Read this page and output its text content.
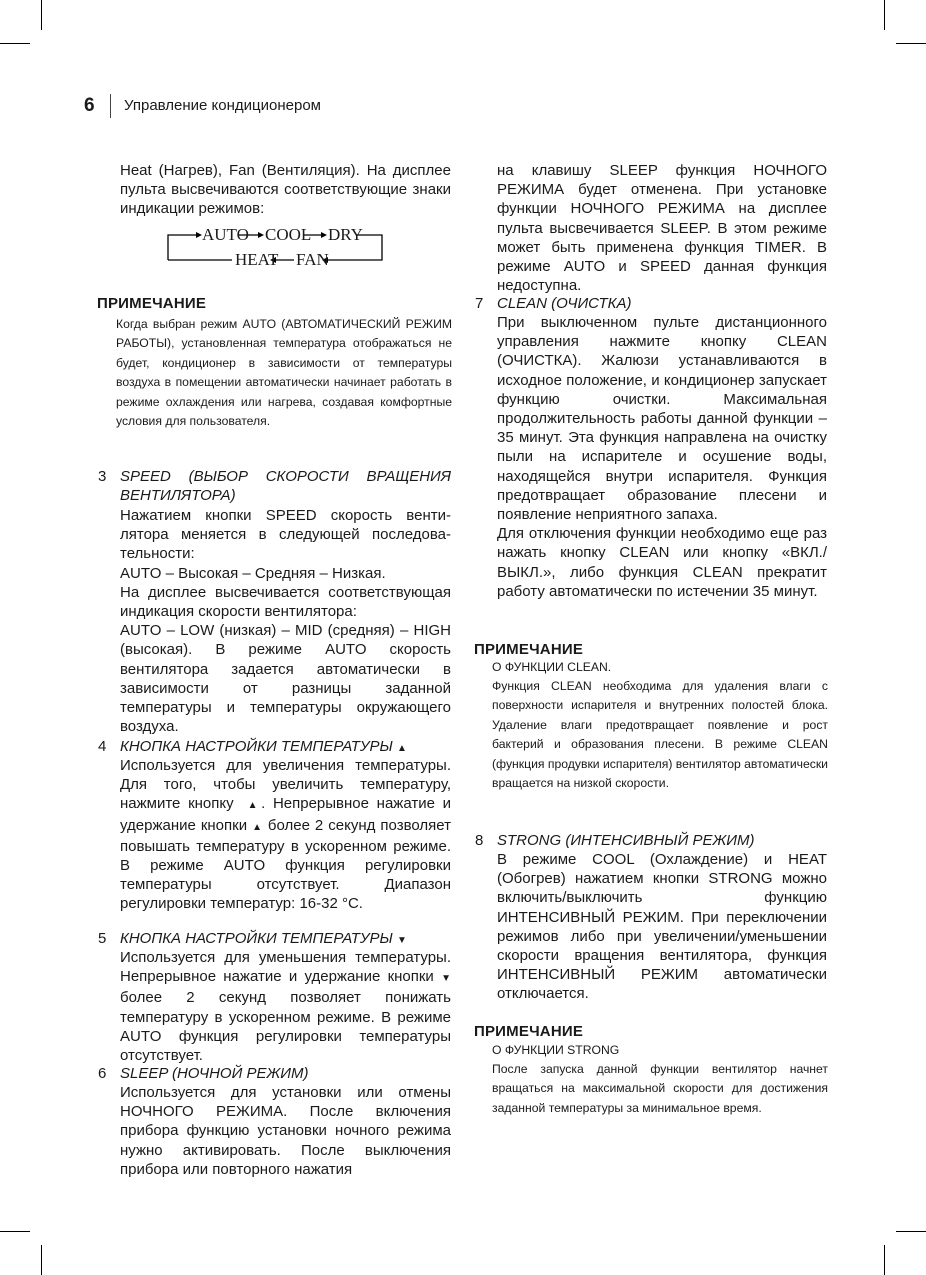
6 Управление кондиционером

Heat (Нагрев), Fan (Вентиляция). На дисплее пульта высвечиваются соответствующие знаки индикации режимов:

AUTO COOL DRY
HEAT FAN
ПРИМЕЧАНИЕ

Когда выбран режим AUTO (АВТОМАТИЧЕСКИЙ РЕЖИМ РАБОТЫ), установленная температура отображаться не будет, кондиционер в зависимости от температуры воздуха в помещении автоматически начинает работать в режиме охлаждения или нагрева, создавая комфортные условия для пользователя.

3 SPEED (ВЫБОР СКОРОСТИ ВРАЩЕНИЯ ВЕНТИЛЯТОРА)

Нажатием кнопки SPEED скорость вентилятора меняется в следующей последовательности:

AUTO – Высокая – Средняя – Низкая.

На дисплее высвечивается соответствующая индикация скорости вентилятора:

AUTO – LOW (низкая) – MID (средняя) – HIGH (высокая). В режиме AUTO скорость вентилятора задается автоматически в зависимости от разницы заданной температуры и температуры окружающего воздуха.

4 КНОПКА НАСТРОЙКИ ТЕМПЕРАТУРЫ ▲

Используется для увеличения температуры. Для того, чтобы увеличить температуру, нажмите кнопку  ▲. Непрерывное нажатие и удержание кнопки ▲ более 2 секунд позволяет повышать температуру в ускоренном режиме. В режиме AUTO функция регулировки температуры отсутствует. Диапазон регулировки температур: 16-32 °C.

5 КНОПКА НАСТРОЙКИ ТЕМПЕРАТУРЫ ▼

Используется для уменьшения температуры. Непрерывное нажатие и удержание кнопки ▼ более 2 секунд позволяет понижать температуру в ускоренном режиме. В режиме AUTO функция регулировки температуры отсутствует.

6 SLEEP (НОЧНОЙ РЕЖИМ)

Используется для установки или отмены НОЧНОГО РЕЖИМА. После включения прибора функцию установки ночного режима нужно активировать. После выключения прибора или повторного нажатия

на клавишу SLEEP функция НОЧНОГО РЕЖИМА будет отменена. При установке функции НОЧНОГО РЕЖИМА на дисплее пульта высвечивается SLEEP. В этом режиме может быть применена функция TIMER. В режиме AUTO и SPEED данная функция недоступна.

7 CLEAN (ОЧИСТКА)

При выключенном пульте дистанционного управления нажмите кнопку CLEAN (ОЧИСТКА). Жалюзи устанавливаются в исходное положение, и кондиционер запускает функцию очистки. Максимальная продолжительность работы данной функции – 35 минут. Эта функция направлена на очистку пыли на испарителе и осушение воды, находящейся внутри испарителя. Функция предотвращает образование плесени и появление неприятного запаха.

Для отключения функции необходимо еще раз нажать кнопку CLEAN или кнопку «ВКЛ./ВЫКЛ.», либо функция CLEAN прекратит работу автоматически по истечении 35 минут.

ПРИМЕЧАНИЕ

О ФУНКЦИИ CLEAN.

Функция CLEAN необходима для удаления влаги с поверхности испарителя и внутренних полостей блока. Удаление влаги предотвращает появление и рост бактерий и образования плесени. В режиме CLEAN (функция продувки испарителя) вентилятор автоматически вращается на низкой скорости.

8 STRONG (ИНТЕНСИВНЫЙ РЕЖИМ)

В режиме COOL (Охлаждение) и HEAT (Обогрев) нажатием кнопки STRONG можно включить/выключить функцию ИНТЕНСИВНЫЙ РЕЖИМ. При переключении режимов либо при увеличении/уменьшении скорости вращения вентилятора, функция ИНТЕНСИВНЫЙ РЕЖИМ автоматически отключается.

ПРИМЕЧАНИЕ

О ФУНКЦИИ STRONG

После запуска данной функции вентилятор начнет вращаться на максимальной скорости для достижения заданной температуры за минимальное время.
